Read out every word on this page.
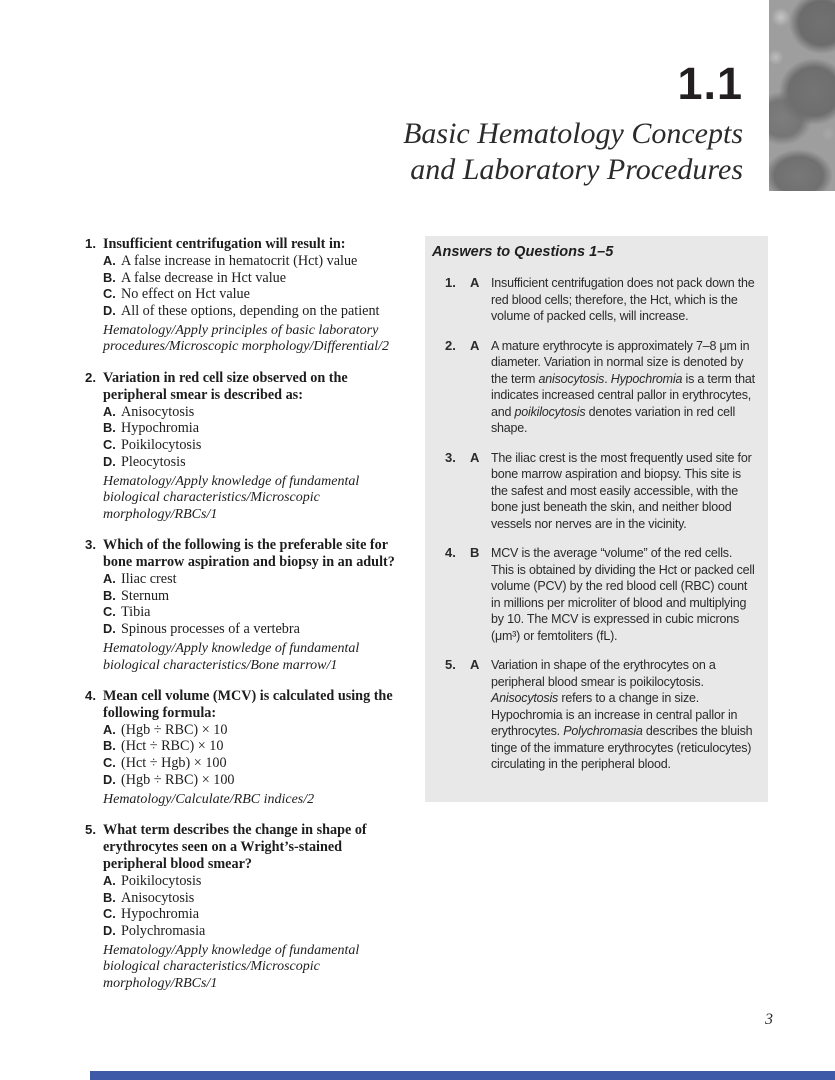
1.1
Basic Hematology Concepts
and Laboratory Procedures
1. Insufficient centrifugation will result in:
A. A false increase in hematocrit (Hct) value
B. A false decrease in Hct value
C. No effect on Hct value
D. All of these options, depending on the patient
Hematology/Apply principles of basic laboratory procedures/Microscopic morphology/Differential/2
2. Variation in red cell size observed on the peripheral smear is described as:
A. Anisocytosis
B. Hypochromia
C. Poikilocytosis
D. Pleocytosis
Hematology/Apply knowledge of fundamental biological characteristics/Microscopic morphology/RBCs/1
3. Which of the following is the preferable site for bone marrow aspiration and biopsy in an adult?
A. Iliac crest
B. Sternum
C. Tibia
D. Spinous processes of a vertebra
Hematology/Apply knowledge of fundamental biological characteristics/Bone marrow/1
4. Mean cell volume (MCV) is calculated using the following formula:
A. (Hgb ÷ RBC) × 10
B. (Hct ÷ RBC) × 10
C. (Hct ÷ Hgb) × 100
D. (Hgb ÷ RBC) × 100
Hematology/Calculate/RBC indices/2
5. What term describes the change in shape of erythrocytes seen on a Wright’s-stained peripheral blood smear?
A. Poikilocytosis
B. Anisocytosis
C. Hypochromia
D. Polychromasia
Hematology/Apply knowledge of fundamental biological characteristics/Microscopic morphology/RBCs/1
Answers to Questions 1–5
1.	A Insufficient centrifugation does not pack down the red blood cells; therefore, the Hct, which is the volume of packed cells, will increase.
2.	A A mature erythrocyte is approximately 7–8 μm in diameter. Variation in normal size is denoted by the term anisocytosis. Hypochromia is a term that indicates increased central pallor in erythrocytes, and poikilocytosis denotes variation in red cell shape.
3.	A The iliac crest is the most frequently used site for bone marrow aspiration and biopsy. This site is the safest and most easily accessible, with the bone just beneath the skin, and neither blood vessels nor nerves are in the vicinity.
4.	B MCV is the average “volume” of the red cells. This is obtained by dividing the Hct or packed cell volume (PCV) by the red blood cell (RBC) count in millions per microliter of blood and multiplying by 10. The MCV is expressed in cubic microns (μm³) or femtoliters (fL).
5.	A Variation in shape of the erythrocytes on a peripheral blood smear is poikilocytosis. Anisocytosis refers to a change in size. Hypochromia is an increase in central pallor in erythrocytes. Polychromasia describes the bluish tinge of the immature erythrocytes (reticulocytes) circulating in the peripheral blood.
3
